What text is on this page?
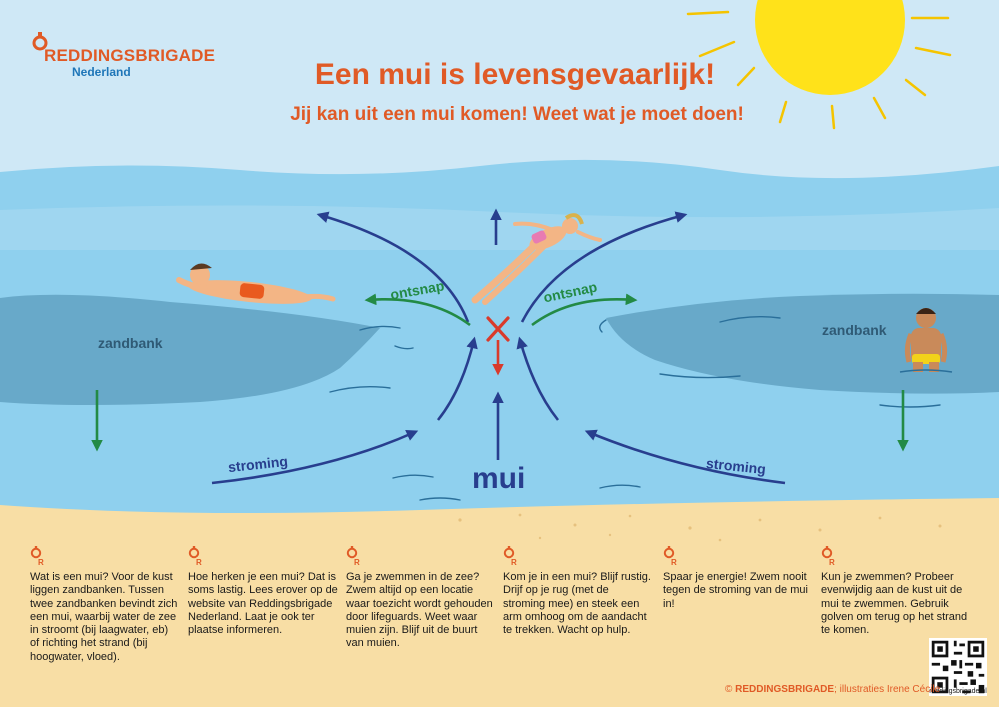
REDDINGSBRIGADE
Nederland	Een mui is levensgevaarlijk!
Jij kan uit een mui komen! Weet wat je moet doen!
zandbank
zandbank
stroming	stroming
ontsnap	ontsnap
mui
R
Wat is een mui? Voor de kust liggen zandbanken. Tussen twee zandbanken bevindt zich een mui, waarbij water de zee in stroomt (bij laagwater, eb) of richting het strand (bij hoogwater, vloed).
R
Hoe herken je een mui? Dat is soms lastig. Lees erover op de website van Reddingsbrigade Nederland. Laat je ook ter plaatse informeren.
R
Ga je zwemmen in de zee? Zwem altijd op een locatie waar toezicht wordt gehouden door lifeguards. Weet waar muien zijn. Blijf uit de buurt van muien.
R
Kom je in een mui? Blijf rustig. Drijf op je rug (met de stroming mee) en steek een arm omhoog om de aandacht te trekken. Wacht op hulp.
R
Spaar je energie! Zwem nooit tegen de stroming van de mui in!
R
Kun je zwemmen? Probeer evenwijdig aan de kust uit de mui te zwemmen. Gebruik golven om terug op het strand te komen.
reddingsbrigade.nl
© REDDINGSBRIGADE; illustraties Irene Cécile
